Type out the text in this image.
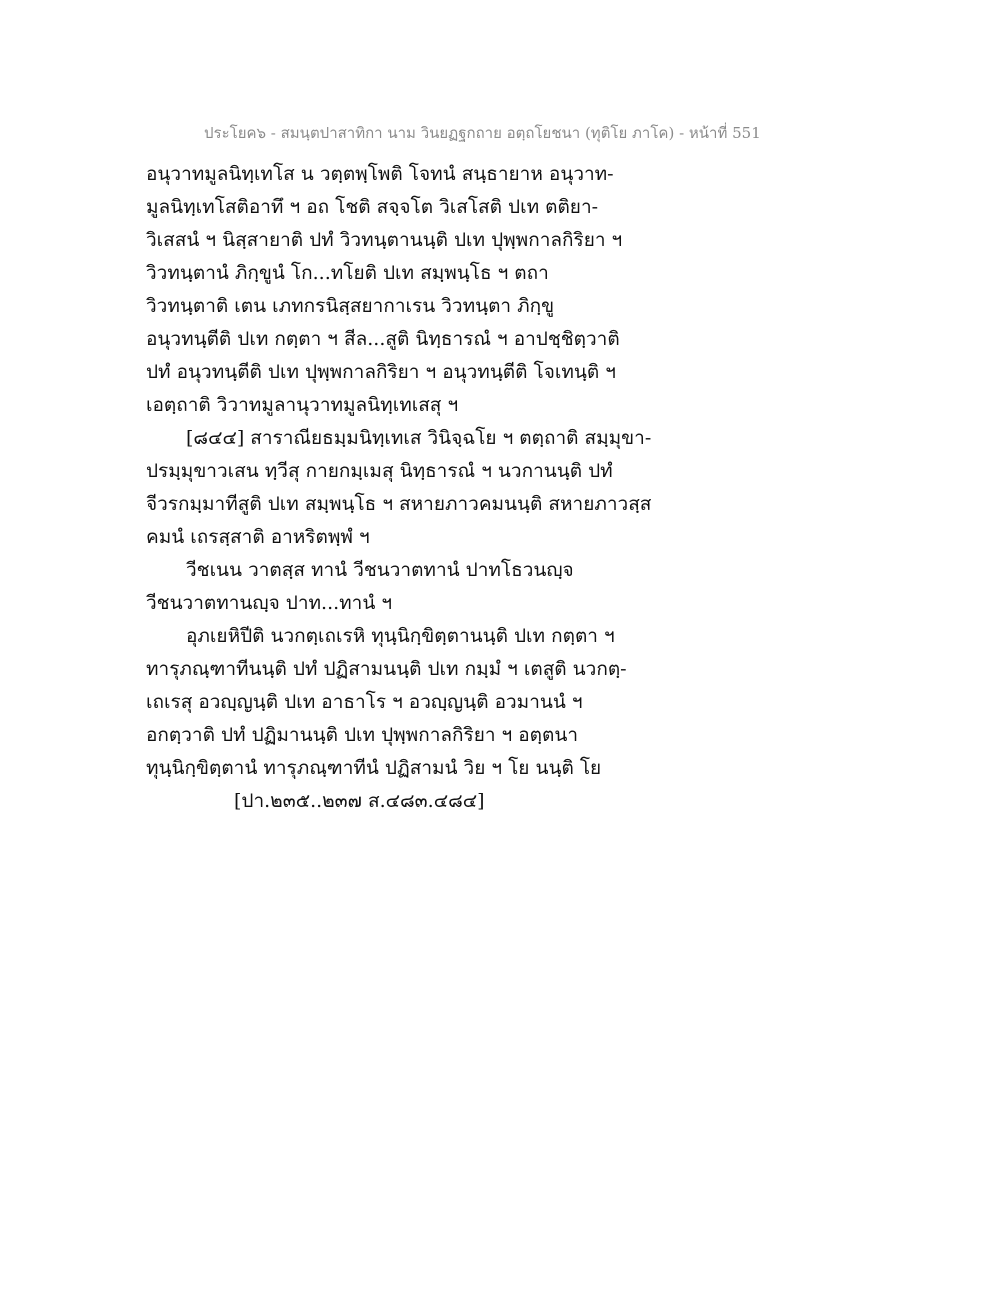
ประโยค๖ - สมนฺตปาสาทิกา นาม วินยฏฐกถาย อตฺถโยชนา (ทุติโย ภาโค) - หน้าที่ 551
อนุวาทมูลนิทฺเทโส น วตฺตพฺโพติ โจทนํ สนฺธายาห อนุวาท-
มูลนิทฺเทโสติอาทึ ฯ อถ โชติ สจฺจโต วิเสโสติ ปเท ตติยา-
วิเสสนํ ฯ นิสฺสายาติ ปทํ วิวทนฺตานนฺติ ปเท ปุพฺพกาลกิริยา ฯ
วิวทนฺตานํ ภิกฺขูนํ โก...ทโยติ ปเท สมฺพนฺโธ ฯ ตถา
วิวทนฺตาติ เตน เภทกรนิสฺสยากาเรน วิวทนฺตา ภิกฺขู
อนุวทนฺตีติ ปเท กตฺตา ฯ สีล...สูติ นิทฺธารณํ ฯ อาปชฺชิตฺวาติ
ปทํ อนุวทนฺตีติ ปเท ปุพฺพกาลกิริยา ฯ อนุวทนฺตีติ โจเทนฺติ ฯ
เอตฺถาติ วิวาทมูลานุวาทมูลนิทฺเทเสสุ ฯ
[๘๔๔] สาราณียธมฺมนิทฺเทเส วินิจฺฉโย ฯ ตตฺถาติ สมฺมุขา-
ปรมฺมุขาวเสน ทฺวีสุ กายกมฺเมสุ นิทฺธารณํ ฯ นวกานนฺติ ปทํ
จีวรกมฺมาทีสูติ ปเท สมฺพนฺโธ ฯ สหายภาวคมนนฺติ สหายภาวสฺส
คมนํ เถรสฺสาติ อาหริตพฺพํ ฯ
วีชเนน วาตสฺส ทานํ วีชนวาตทานํ ปาทโธวนญฺจ
วีชนวาตทานญฺจ ปาท...ทานํ ฯ
อุภเยหิปีติ นวกตฺเถเรหิ ทุนฺนิกฺขิตฺตานนฺติ ปเท กตฺตา ฯ
ทารุภณฺฑาทีนนฺติ ปทํ ปฏิสามนนฺติ ปเท กมฺมํ ฯ เตสูติ นวกตฺ-
เถเรสุ อวญฺญนฺติ ปเท อาธาโร ฯ อวญฺญนฺติ อวมานนํ ฯ
อกตฺวาติ ปทํ ปฏิมานนฺติ ปเท ปุพฺพกาลกิริยา ฯ อตฺตนา
ทุนฺนิกฺขิตฺตานํ ทารุภณฺฑาทีนํ ปฏิสามนํ วิย ฯ โย นนฺติ โย
[ปา.๒๓๕..๒๓๗ ส.๔๘๓.๔๘๔]
